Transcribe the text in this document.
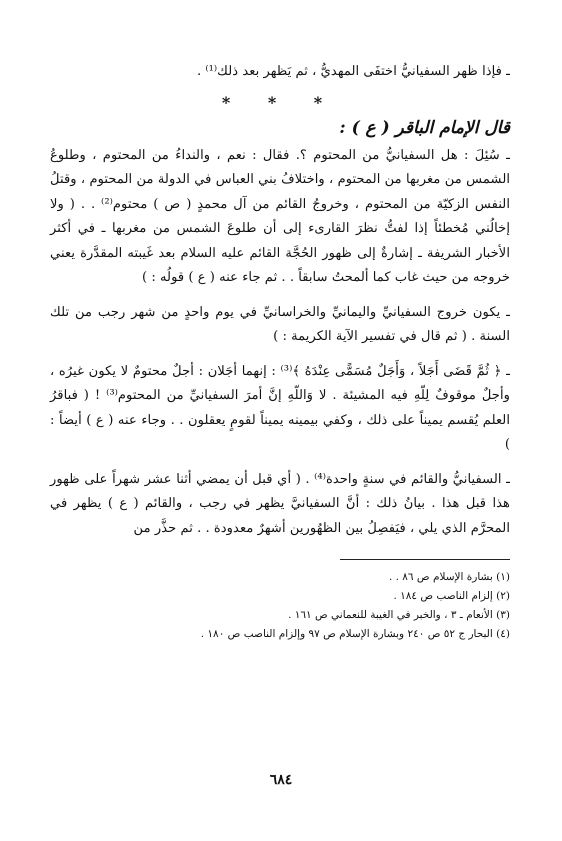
ـ فإذا ظهر السفيانيُّ اختفَى المهديُّ ، ثم يَظهر بعد ذلك⁽¹⁾ .

* * *
قال الإمام الباقر ( ع ) :

ـ سُئِلَ : هل السفيانيُّ من المحتوم ؟. فقال : نعم ، والنداءُ من المحتوم ، وطلوعُ الشمس من مغربها من المحتوم ، واختلافُ بني العباس في الدولة من المحتوم ، وقتلُ النفس الزكيّة من المحتوم ، وخروجُ القائم من آل محمدٍ ( ص ) محتوم⁽²⁾ . . ( ولا إخالُني مُخطئاً إذا لفتُّ نظرَ القارىء إلى أن طلوعَ الشمس من مغربها ـ في أكثر الأخبار الشريفة ـ إشارةٌ إلى ظهور الحُجَّة القائم عليه السلام بعد غَيبته المقدَّرة يعني خروجه من حيث غاب كما ألمحتُ سابقاً . . ثم جاء عنه ( ع ) قولُه : )

ـ يكون خروج السفيانيِّ واليمانيِّ والخراسانيِّ في يوم واحدٍ من شهر رجب من تلك السنة . ( ثم قال في تفسير الآية الكريمة : )

ـ ﴿ ثُمَّ قَضَى أَجَلاً ، وَأَجَلٌ مُسَمًّى عِنْدَهُ ﴾⁽³⁾ : إنهما أجَلان : أجلٌ محتومٌ لا يكون غيرُه ، وأجلٌ موقوفٌ لِلّهِ فيه المشيئة . لا وَاللّهِ إنَّ أمرَ السفيانيِّ من المحتوم⁽³⁾ ! ( فباقرُ العلم يُقسم يميناً على ذلك ، وكفي بيمينه يميناً لقومٍ يعقلون . . وجاء عنه ( ع ) أيضاً : )

ـ السفيانيُّ والقائم في سنةٍ واحدة⁽⁴⁾ . ( أي قبل أن يمضي أثنا عشر شهراً على ظهور هذا قبل هذا . بيانُ ذلك : أنَّ السفيانيَّ يظهر في رجب ، والقائم ( ع ) يظهر في المحرَّم الذي يلي ، فيَفصِلُ بين الظهُورين أشهرٌ معدودة . . ثم حذَّر من

(١) بشارة الإسلام ص ٨٦ . .

(٢) إلزام الناصب ص ١٨٤ .

(٣) الأنعام ـ ٣ ، والخبر في الغيبة للنعماني ص ١٦١ .

(٤) البحار ج ٥٢ ص ٢٤٠ وبشارة الإسلام ص ٩٧ وإلزام الناصب ص ١٨٠ .

٦٨٤
